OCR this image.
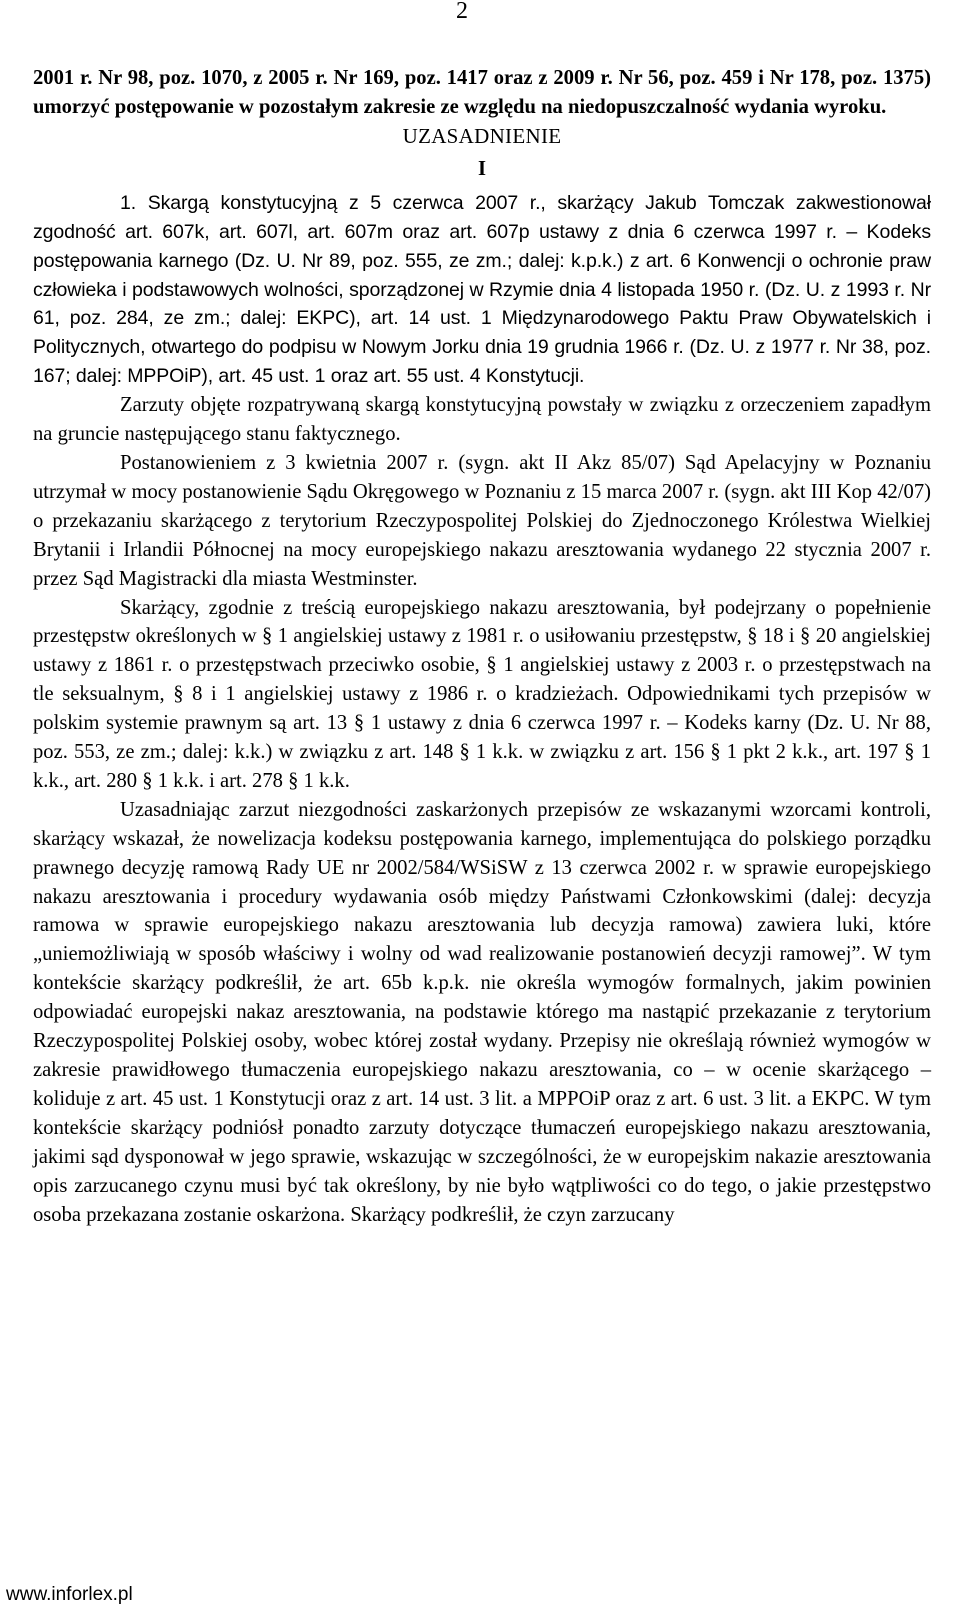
2

2001 r. Nr 98, poz. 1070, z 2005 r. Nr 169, poz. 1417 oraz z 2009 r. Nr 56, poz. 459 i Nr 178, poz. 1375) umorzyć postępowanie w pozostałym zakresie ze względu na niedopuszczalność wydania wyroku.

UZASADNIENIE

I

1. Skargą konstytucyjną z 5 czerwca 2007 r., skarżący Jakub Tomczak zakwestionował zgodność art. 607k, art. 607l, art. 607m oraz art. 607p ustawy z dnia 6 czerwca 1997 r. – Kodeks postępowania karnego (Dz. U. Nr 89, poz. 555, ze zm.; dalej: k.p.k.) z art. 6 Konwencji o ochronie praw człowieka i podstawowych wolności, sporządzonej w Rzymie dnia 4 listopada 1950 r. (Dz. U. z 1993 r. Nr 61, poz. 284, ze zm.; dalej: EKPC), art. 14 ust. 1 Międzynarodowego Paktu Praw Obywatelskich i Politycznych, otwartego do podpisu w Nowym Jorku dnia 19 grudnia 1966 r. (Dz. U. z 1977 r. Nr 38, poz. 167; dalej: MPPOiP), art. 45 ust. 1 oraz art. 55 ust. 4 Konstytucji.

Zarzuty objęte rozpatrywaną skargą konstytucyjną powstały w związku z orzeczeniem zapadłym na gruncie następującego stanu faktycznego.

Postanowieniem z 3 kwietnia 2007 r. (sygn. akt II Akz 85/07) Sąd Apelacyjny w Poznaniu utrzymał w mocy postanowienie Sądu Okręgowego w Poznaniu z 15 marca 2007 r. (sygn. akt III Kop 42/07) o przekazaniu skarżącego z terytorium Rzeczypospolitej Polskiej do Zjednoczonego Królestwa Wielkiej Brytanii i Irlandii Północnej na mocy europejskiego nakazu aresztowania wydanego 22 stycznia 2007 r. przez Sąd Magistracki dla miasta Westminster.

Skarżący, zgodnie z treścią europejskiego nakazu aresztowania, był podejrzany o popełnienie przestępstw określonych w § 1 angielskiej ustawy z 1981 r. o usiłowaniu przestępstw, § 18 i § 20 angielskiej ustawy z 1861 r. o przestępstwach przeciwko osobie, § 1 angielskiej ustawy z 2003 r. o przestępstwach na tle seksualnym, § 8 i 1 angielskiej ustawy z 1986 r. o kradzieżach. Odpowiednikami tych przepisów w polskim systemie prawnym są art. 13 § 1 ustawy z dnia 6 czerwca 1997 r. – Kodeks karny (Dz. U. Nr 88, poz. 553, ze zm.; dalej: k.k.) w związku z art. 148 § 1 k.k. w związku z art. 156 § 1 pkt 2 k.k., art. 197 § 1 k.k., art. 280 § 1 k.k. i art. 278 § 1 k.k.

Uzasadniając zarzut niezgodności zaskarżonych przepisów ze wskazanymi wzorcami kontroli, skarżący wskazał, że nowelizacja kodeksu postępowania karnego, implementująca do polskiego porządku prawnego decyzję ramową Rady UE nr 2002/584/WSiSW z 13 czerwca 2002 r. w sprawie europejskiego nakazu aresztowania i procedury wydawania osób między Państwami Członkowskimi (dalej: decyzja ramowa w sprawie europejskiego nakazu aresztowania lub decyzja ramowa) zawiera luki, które „uniemożliwiają w sposób właściwy i wolny od wad realizowanie postanowień decyzji ramowej”. W tym kontekście skarżący podkreślił, że art. 65b k.p.k. nie określa wymogów formalnych, jakim powinien odpowiadać europejski nakaz aresztowania, na podstawie którego ma nastąpić przekazanie z terytorium Rzeczypospolitej Polskiej osoby, wobec której został wydany. Przepisy nie określają również wymogów w zakresie prawidłowego tłumaczenia europejskiego nakazu aresztowania, co – w ocenie skarżącego – koliduje z art. 45 ust. 1 Konstytucji oraz z art. 14 ust. 3 lit. a MPPOiP oraz z art. 6 ust. 3 lit. a EKPC. W tym kontekście skarżący podniósł ponadto zarzuty dotyczące tłumaczeń europejskiego nakazu aresztowania, jakimi sąd dysponował w jego sprawie, wskazując w szczególności, że w europejskim nakazie aresztowania opis zarzucanego czynu musi być tak określony, by nie było wątpliwości co do tego, o jakie przestępstwo osoba przekazana zostanie oskarżona. Skarżący podkreślił, że czyn zarzucany

www.inforlex.pl
